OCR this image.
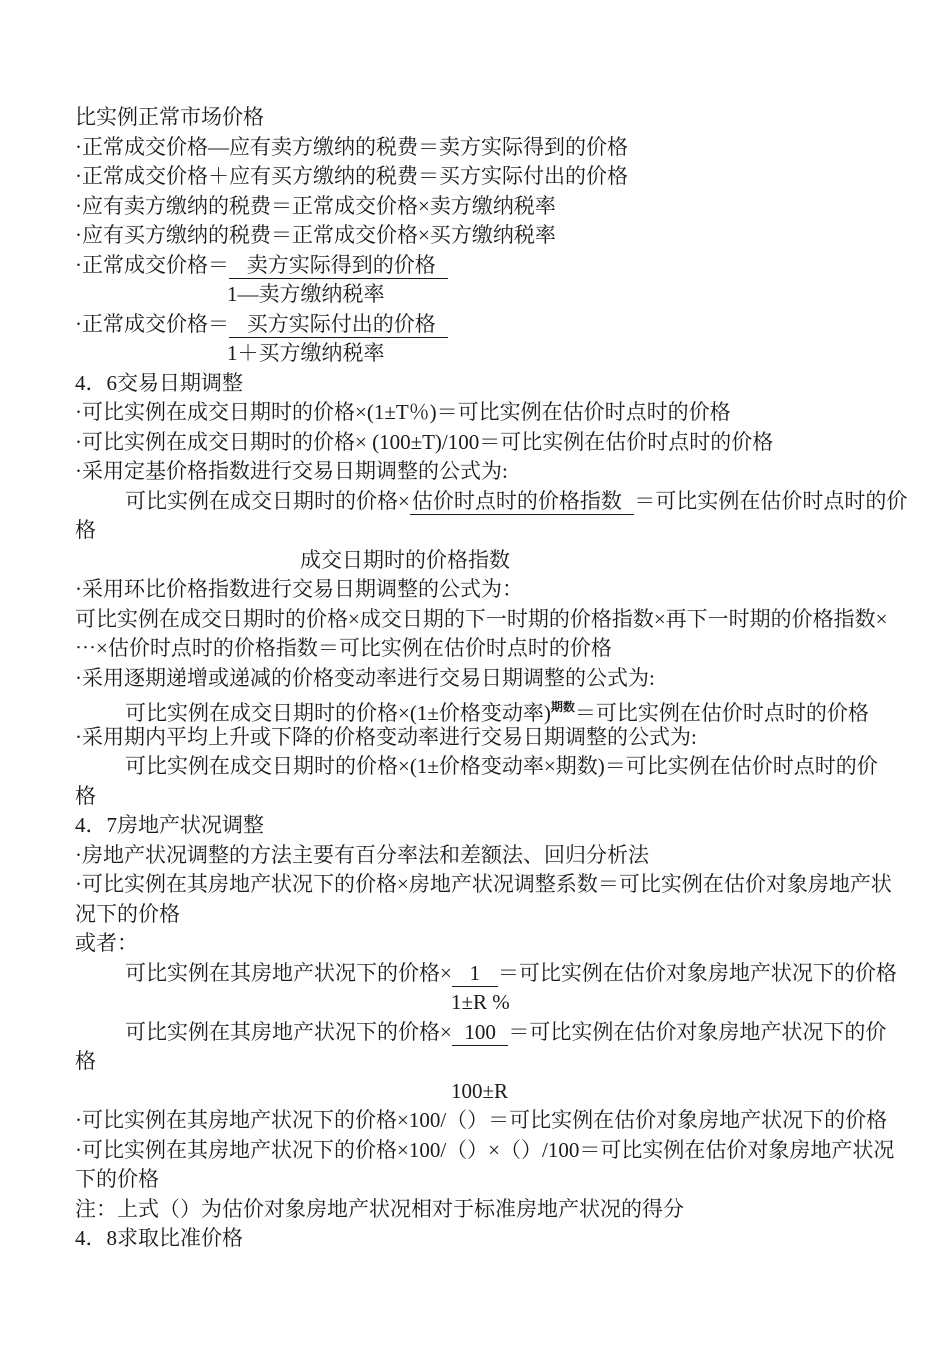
比实例正常市场价格
·正常成交价格—应有卖方缴纳的税费＝卖方实际得到的价格
·正常成交价格＋应有买方缴纳的税费＝买方实际付出的价格
·应有卖方缴纳的税费＝正常成交价格×卖方缴纳税率
·应有买方缴纳的税费＝正常成交价格×买方缴纳税率
·正常成交价格＝   卖方实际得到的价格
1—卖方缴纳税率
·正常成交价格＝   买方实际付出的价格
1＋买方缴纳税率
4．6交易日期调整
·可比实例在成交日期时的价格×(1±T％)＝可比实例在估价时点时的价格
·可比实例在成交日期时的价格× (100±T)/100＝可比实例在估价时点时的价格
·采用定基价格指数进行交易日期调整的公式为:
可比实例在成交日期时的价格×估价时点时的价格指数  ＝可比实例在估价时点时的价
格
成交日期时的价格指数
·采用环比价格指数进行交易日期调整的公式为：
可比实例在成交日期时的价格×成交日期的下一时期的价格指数×再下一时期的价格指数×
⋯×估价时点时的价格指数＝可比实例在估价时点时的价格
·采用逐期递增或递减的价格变动率进行交易日期调整的公式为:
可比实例在成交日期时的价格×(1±价格变动率)$^{期数}$＝可比实例在估价时点时的价格
·采用期内平均上升或下降的价格变动率进行交易日期调整的公式为:
可比实例在成交日期时的价格×(1±价格变动率×期数)＝可比实例在估价时点时的价
格
4．7房地产状况调整
·房地产状况调整的方法主要有百分率法和差额法、回归分析法
·可比实例在其房地产状况下的价格×房地产状况调整系数＝可比实例在估价对象房地产状
况下的价格
或者：
可比实例在其房地产状况下的价格×   1   ＝可比实例在估价对象房地产状况下的价格
1±R %
可比实例在其房地产状况下的价格×  100  ＝可比实例在估价对象房地产状况下的价
格
100±R
·可比实例在其房地产状况下的价格×100/（）＝可比实例在估价对象房地产状况下的价格
·可比实例在其房地产状况下的价格×100/（）×（）/100＝可比实例在估价对象房地产状况
下的价格
注：上式（）为估价对象房地产状况相对于标准房地产状况的得分
4．8求取比准价格
